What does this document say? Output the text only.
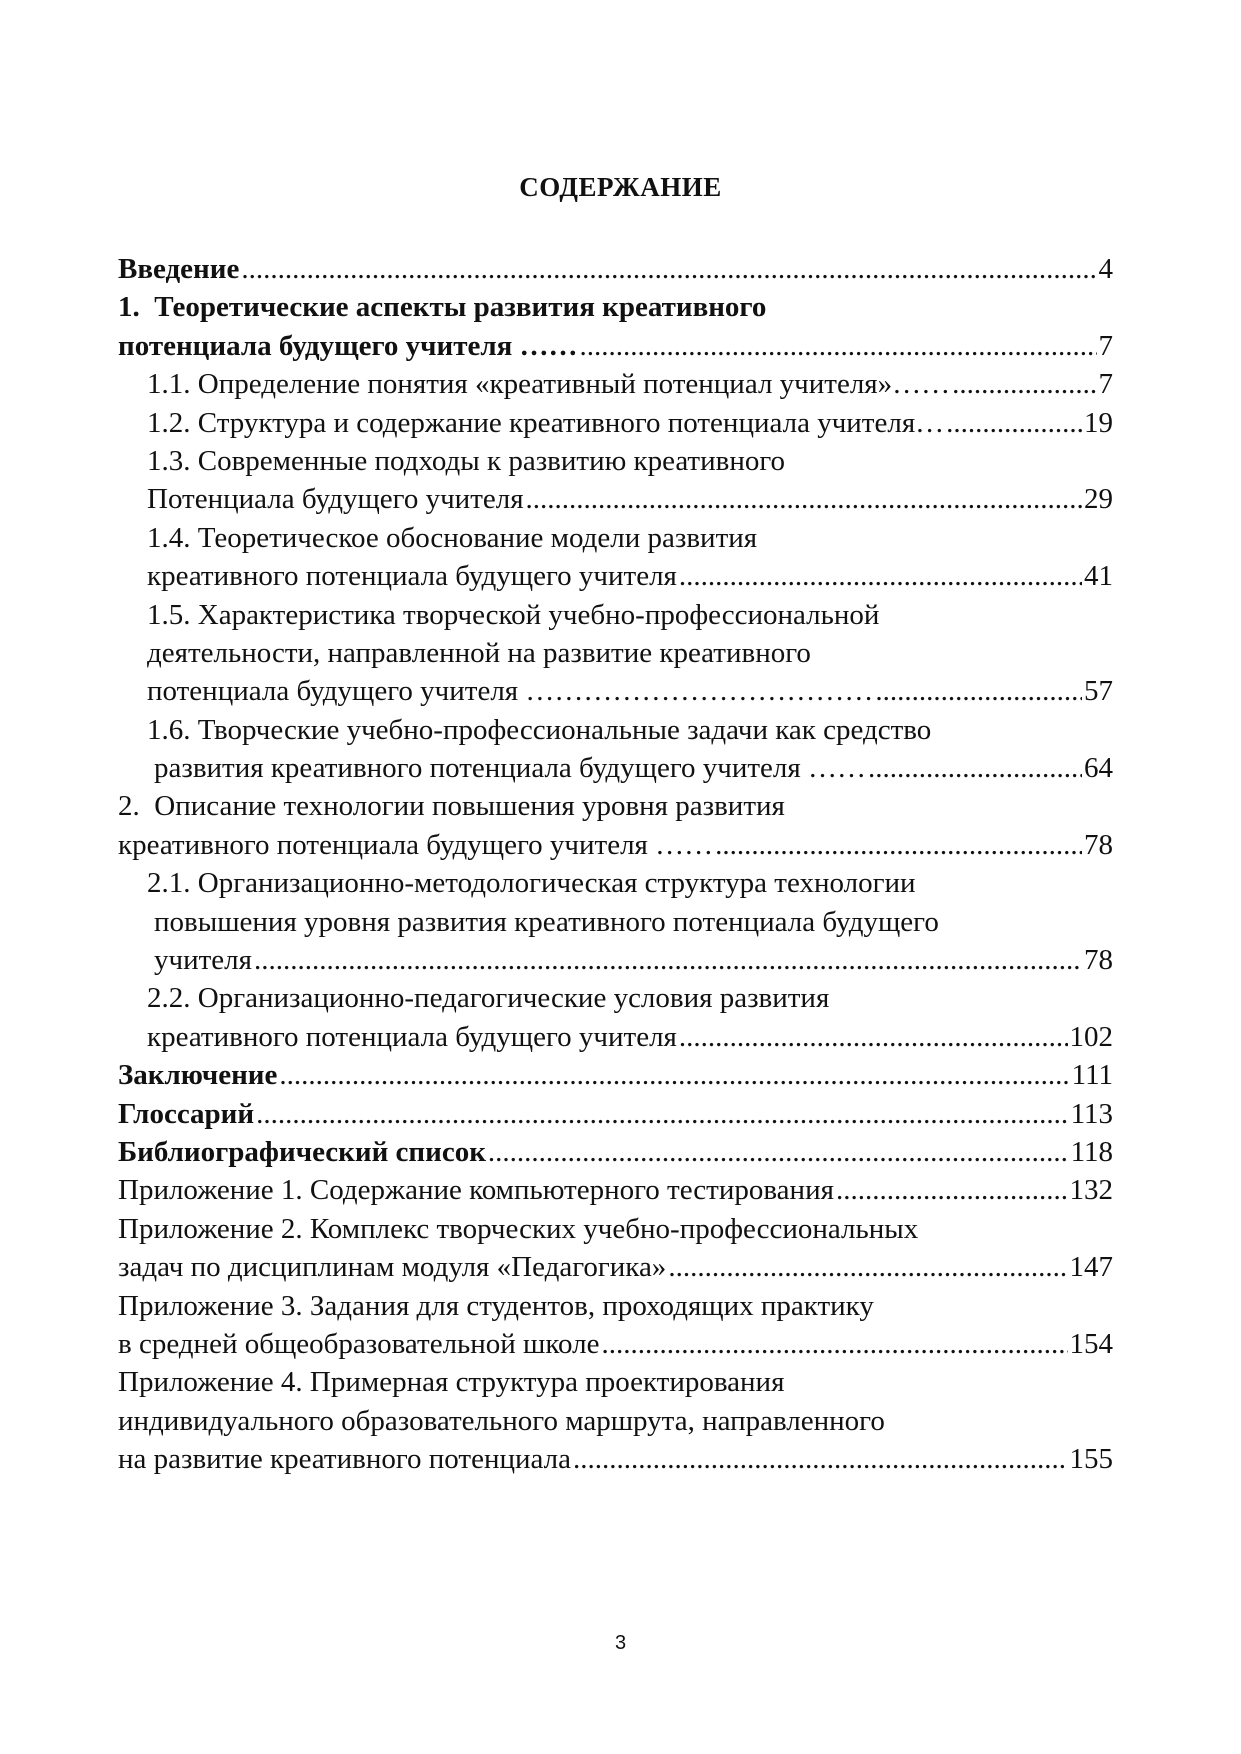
СОДЕРЖАНИЕ
Введение .....	4
1.  Теоретические аспекты развития креативного
потенциала будущего учителя …… .....	7
1.1. Определение понятия «креативный потенциал учителя»…… .....	7
1.2. Структура и содержание креативного потенциала учителя… .....	19
1.3. Современные подходы к развитию креативного
Потенциала будущего учителя .....	29
1.4. Теоретическое обоснование модели развития
креативного потенциала будущего учителя .....	41
1.5. Характеристика творческой учебно-профессиональной
деятельности, направленной на развитие креативного
потенциала будущего учителя ……………………………… .....	57
1.6. Творческие учебно-профессиональные задачи как средство
развития креативного потенциала будущего учителя …… .....	64
2.  Описание технологии повышения уровня развития
креативного потенциала будущего учителя …… .....	78
2.1. Организационно-методологическая структура технологии
повышения уровня развития креативного потенциала будущего
учителя .....	78
2.2. Организационно-педагогические условия развития
креативного потенциала будущего учителя .....	102
Заключение .....	111
Глоссарий .....	113
Библиографический список .....	118
Приложение 1. Содержание компьютерного тестирования .....	132
Приложение 2. Комплекс творческих учебно-профессиональных
задач по дисциплинам модуля «Педагогика» .....	147
Приложение 3. Задания для студентов, проходящих практику
в средней общеобразовательной школе .....	154
Приложение 4. Примерная структура проектирования
индивидуального образовательного маршрута, направленного
на развитие креативного потенциала .....	155
3
